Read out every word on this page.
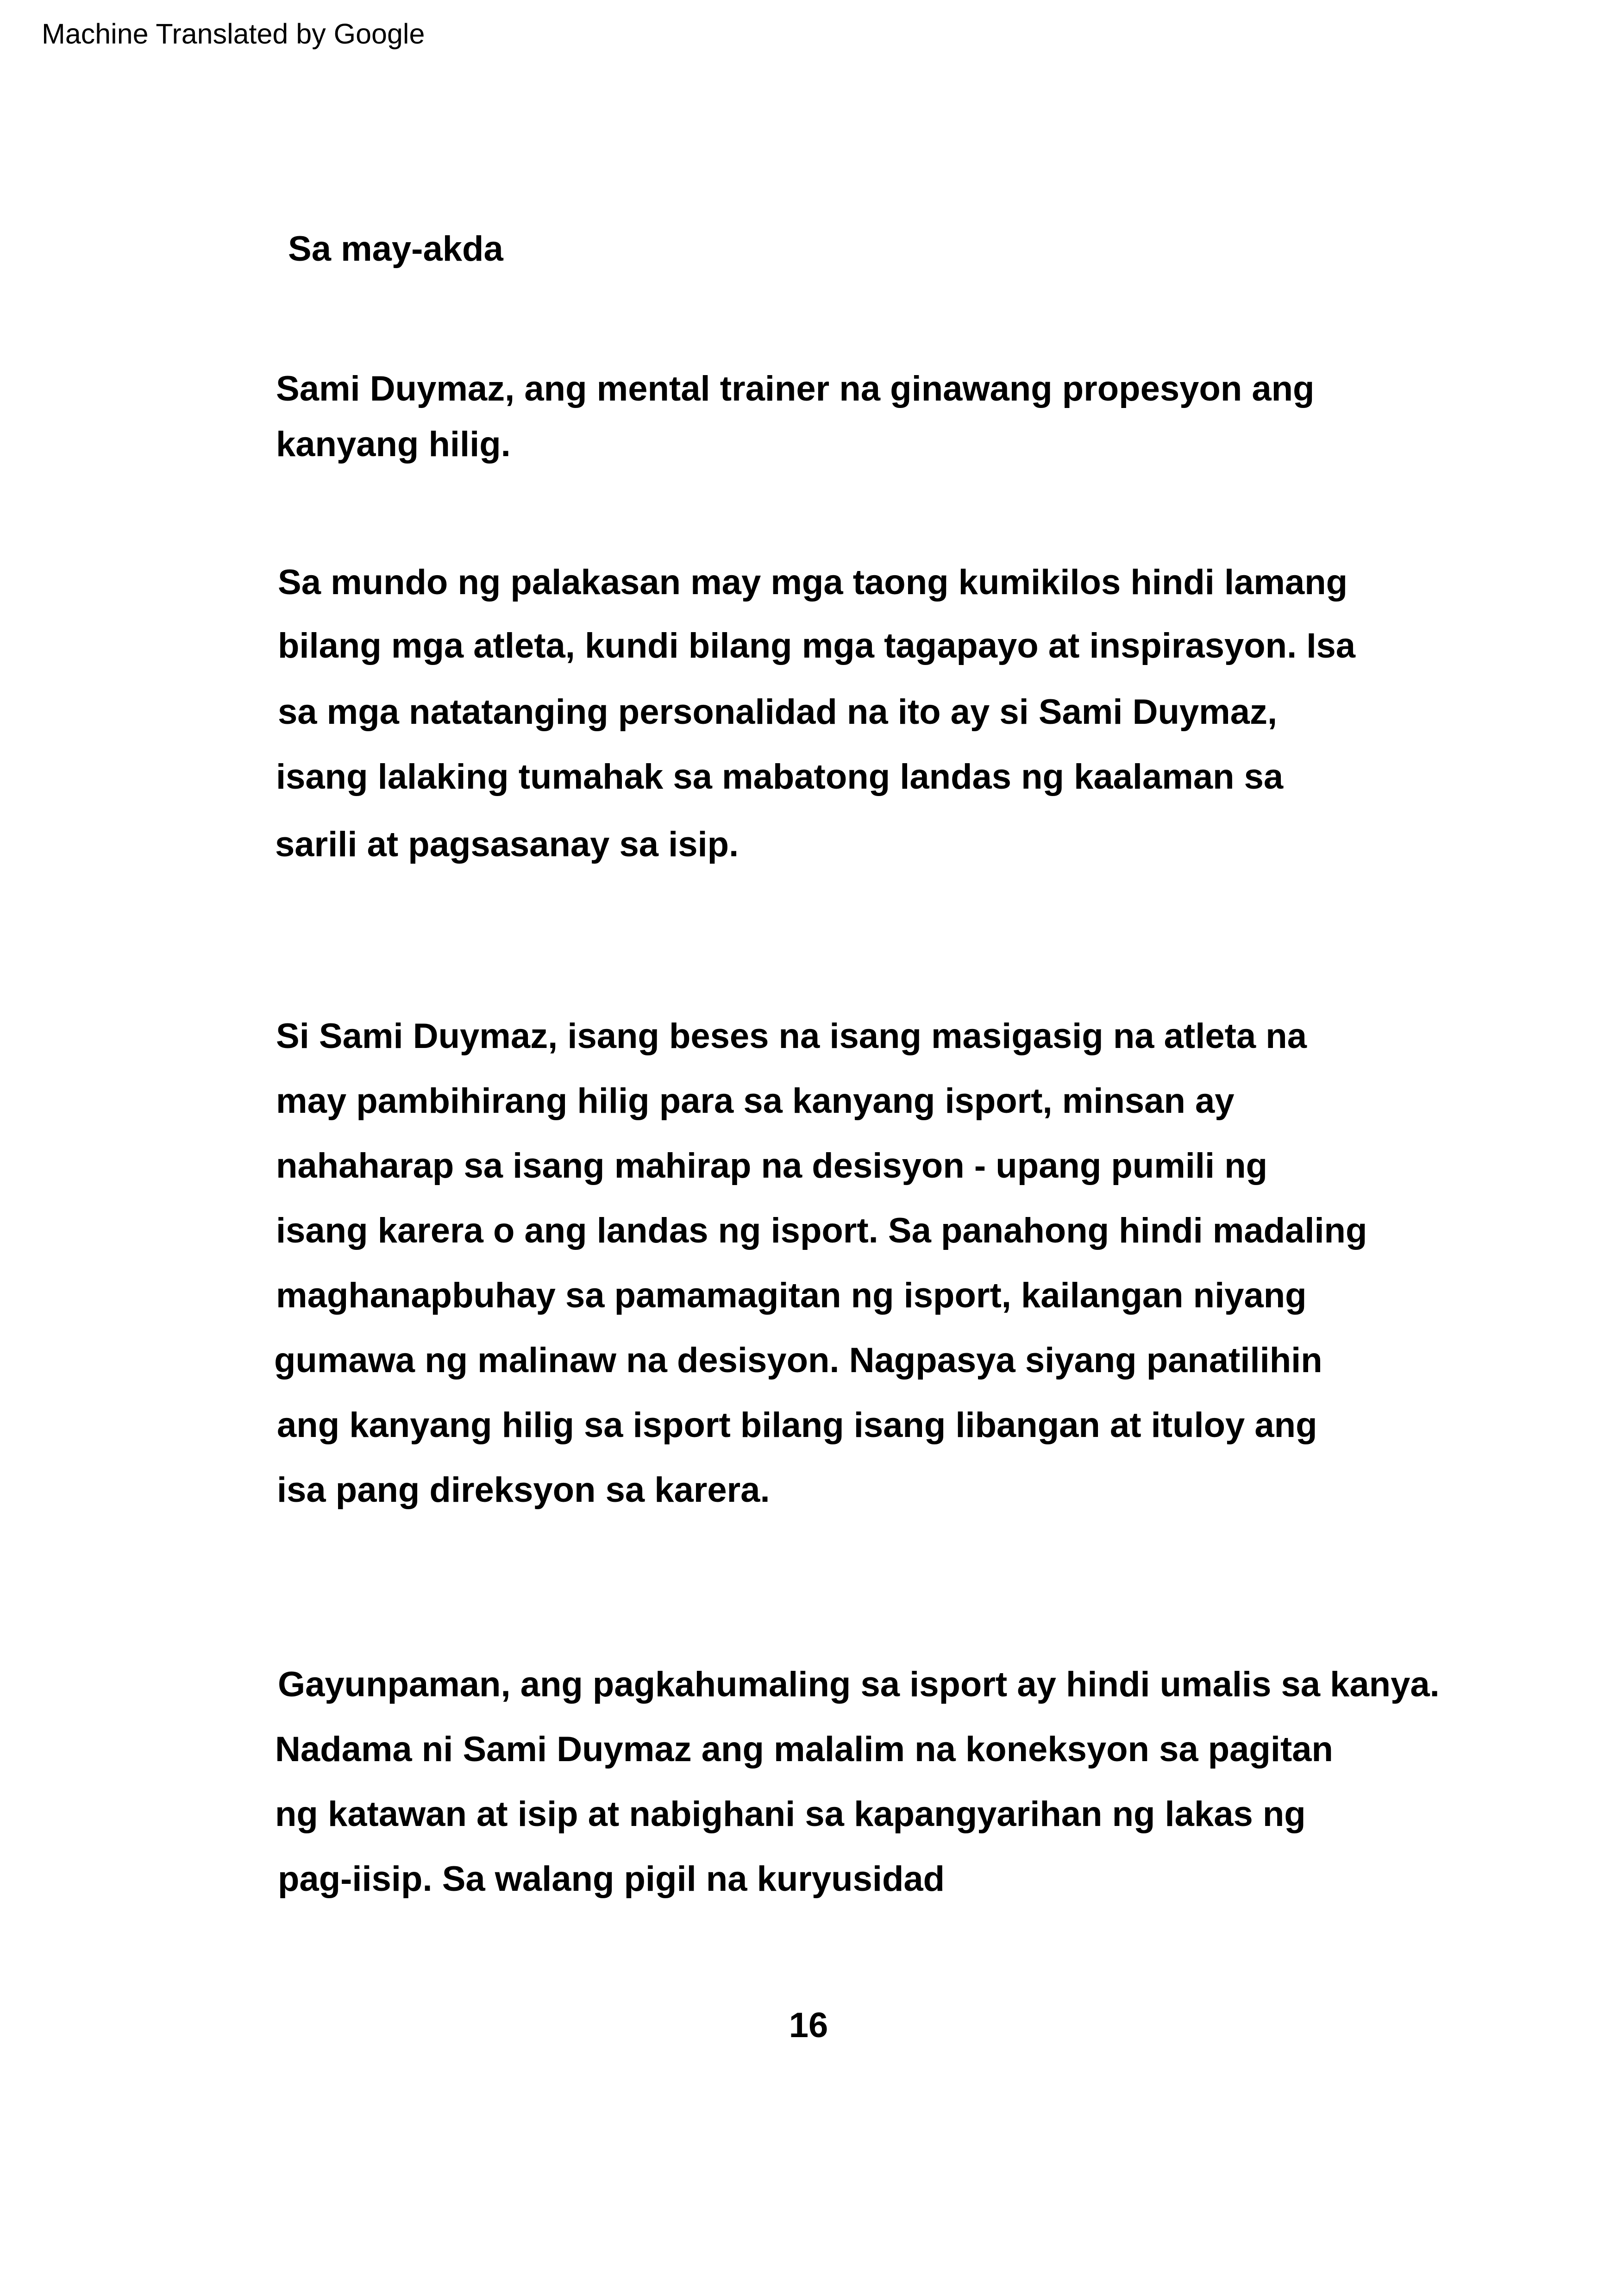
Machine Translated by Google
Sa may-akda
Sami Duymaz, ang mental trainer na ginawang propesyon ang
kanyang hilig.
Sa mundo ng palakasan may mga taong kumikilos hindi lamang
bilang mga atleta, kundi bilang mga tagapayo at inspirasyon. Isa
sa mga natatanging personalidad na ito ay si Sami Duymaz,
isang lalaking tumahak sa mabatong landas ng kaalaman sa
sarili at pagsasanay sa isip.
Si Sami Duymaz, isang beses na isang masigasig na atleta na
may pambihirang hilig para sa kanyang isport, minsan ay
nahaharap sa isang mahirap na desisyon - upang pumili ng
isang karera o ang landas ng isport. Sa panahong hindi madaling
maghanapbuhay sa pamamagitan ng isport, kailangan niyang
gumawa ng malinaw na desisyon. Nagpasya siyang panatilihin
ang kanyang hilig sa isport bilang isang libangan at ituloy ang
isa pang direksyon sa karera.
Gayunpaman, ang pagkahumaling sa isport ay hindi umalis sa kanya.
Nadama ni Sami Duymaz ang malalim na koneksyon sa pagitan
ng katawan at isip at nabighani sa kapangyarihan ng lakas ng
pag-iisip. Sa walang pigil na kuryusidad
16
